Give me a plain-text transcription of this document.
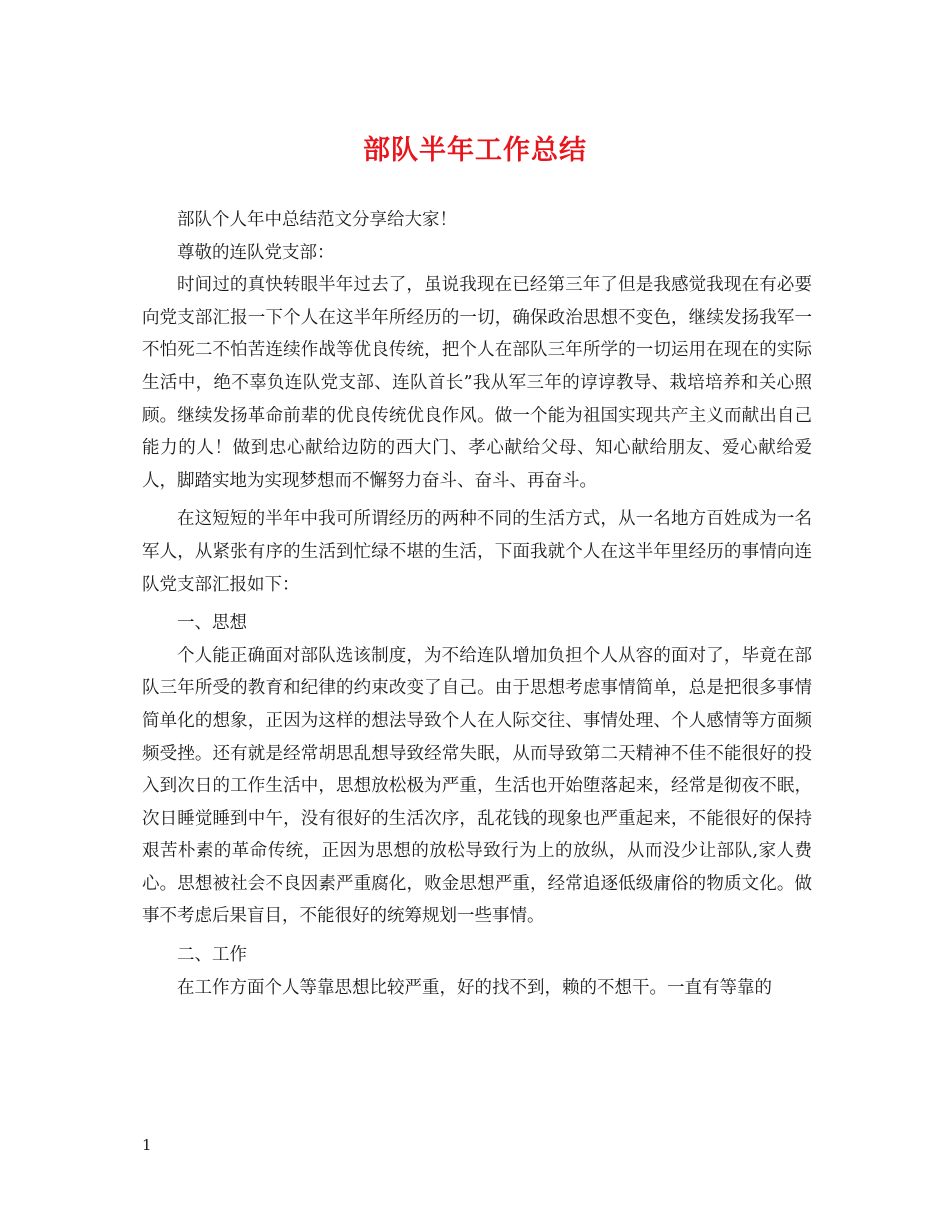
部队半年工作总结

部队个人年中总结范文分享给大家！

尊敬的连队党支部：

时间过的真快转眼半年过去了，虽说我现在已经第三年了但是我感觉我现在有必要向党支部汇报一下个人在这半年所经历的一切，确保政治思想不变色，继续发扬我军一不怕死二不怕苦连续作战等优良传统，把个人在部队三年所学的一切运用在现在的实际生活中，绝不辜负连队党支部、连队首长”我从军三年的谆谆教导、栽培培养和关心照顾。继续发扬革命前辈的优良传统优良作风。做一个能为祖国实现共产主义而献出自己能力的人！做到忠心献给边防的西大门、孝心献给父母、知心献给朋友、爱心献给爱人，脚踏实地为实现梦想而不懈努力奋斗、奋斗、再奋斗。

在这短短的半年中我可所谓经历的两种不同的生活方式，从一名地方百姓成为一名军人，从紧张有序的生活到忙绿不堪的生活，下面我就个人在这半年里经历的事情向连队党支部汇报如下：

一、思想

个人能正确面对部队选该制度，为不给连队增加负担个人从容的面对了，毕竟在部队三年所受的教育和纪律的约束改变了自己。由于思想考虑事情简单，总是把很多事情简单化的想象，正因为这样的想法导致个人在人际交往、事情处理、个人感情等方面频频受挫。还有就是经常胡思乱想导致经常失眠，从而导致第二天精神不佳不能很好的投入到次日的工作生活中，思想放松极为严重，生活也开始堕落起来，经常是彻夜不眠，次日睡觉睡到中午，没有很好的生活次序，乱花钱的现象也严重起来，不能很好的保持艰苦朴素的革命传统，正因为思想的放松导致行为上的放纵，从而没少让部队,家人费心。思想被社会不良因素严重腐化，败金思想严重，经常追逐低级庸俗的物质文化。做事不考虑后果盲目，不能很好的统筹规划一些事情。

二、工作

在工作方面个人等靠思想比较严重，好的找不到，赖的不想干。一直有等靠的

1
